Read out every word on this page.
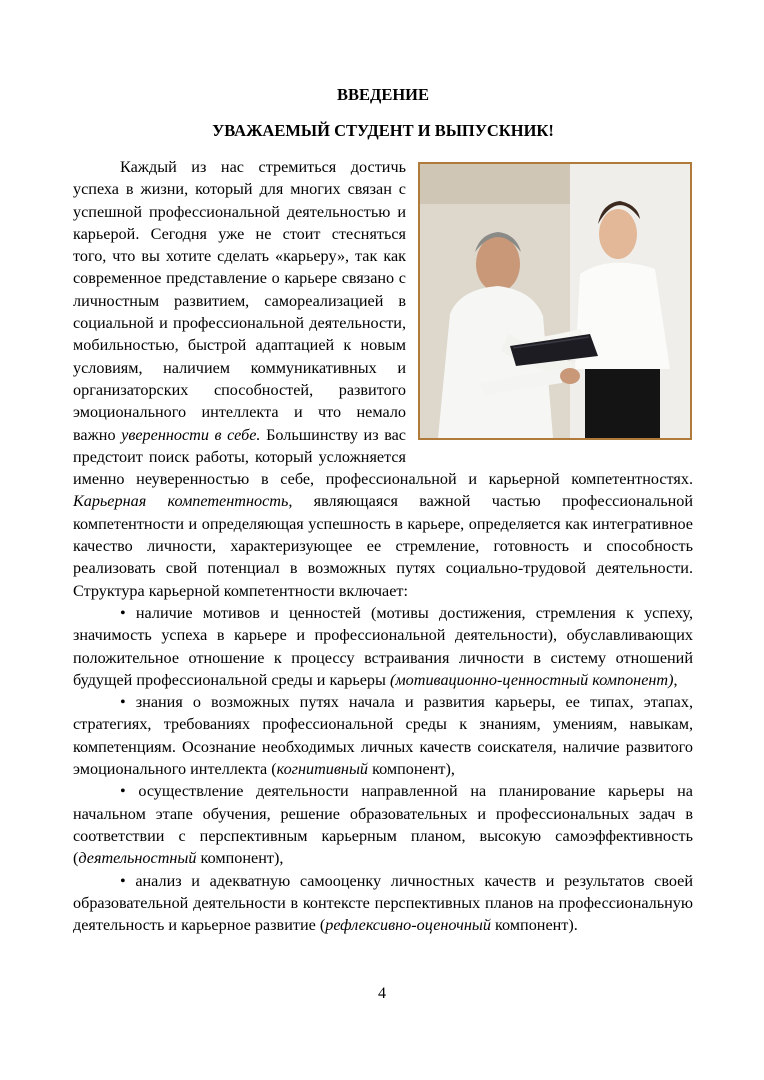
ВВЕДЕНИЕ
УВАЖАЕМЫЙ СТУДЕНТ И ВЫПУСКНИК!

Каждый из нас стремиться достичь успеха в жизни, который для многих связан с успешной профессиональной деятельностью и карьерой. Сегодня уже не стоит стесняться того, что вы хотите сделать «карьеру», так как современное представление о карьере связано с личностным развитием, самореализацией в социальной и профессиональной деятельности, мобильностью, быстрой адаптацией к новым условиям, наличием коммуникативных и организаторских способностей, развитого эмоционального интеллекта и что немало важно уверенности в себе. Большинству из вас предстоит поиск работы, который усложняется именно неуверенностью в себе, профессиональной и карьерной компетентностях. Карьерная компетентность, являющаяся важной частью профессиональной компетентности и определяющая успешность в карьере, определяется как интегративное качество личности, характеризующее ее стремление, готовность и способность реализовать свой потенциал в возможных путях социально-трудовой деятельности. Структура карьерной компетентности включает:

• наличие мотивов и ценностей (мотивы достижения, стремления к успеху, значимость успеха в карьере и профессиональной деятельности), обуславливающих положительное отношение к процессу встраивания личности в систему отношений будущей профессиональной среды и карьеры (мотивационно-ценностный компонент),

• знания о возможных путях начала и развития карьеры, ее типах, этапах, стратегиях, требованиях профессиональной среды к знаниям, умениям, навыкам, компетенциям. Осознание необходимых личных качеств соискателя, наличие развитого эмоционального интеллекта (когнитивный компонент),

• осуществление деятельности направленной на планирование карьеры на начальном этапе обучения, решение образовательных и профессиональных задач в соответствии с перспективным карьерным планом, высокую самоэффективность (деятельностный компонент),

• анализ и адекватную самооценку личностных качеств и результатов своей образовательной деятельности в контексте перспективных планов на профессиональную деятельность и карьерное развитие (рефлексивно-оценочный компонент).

4
